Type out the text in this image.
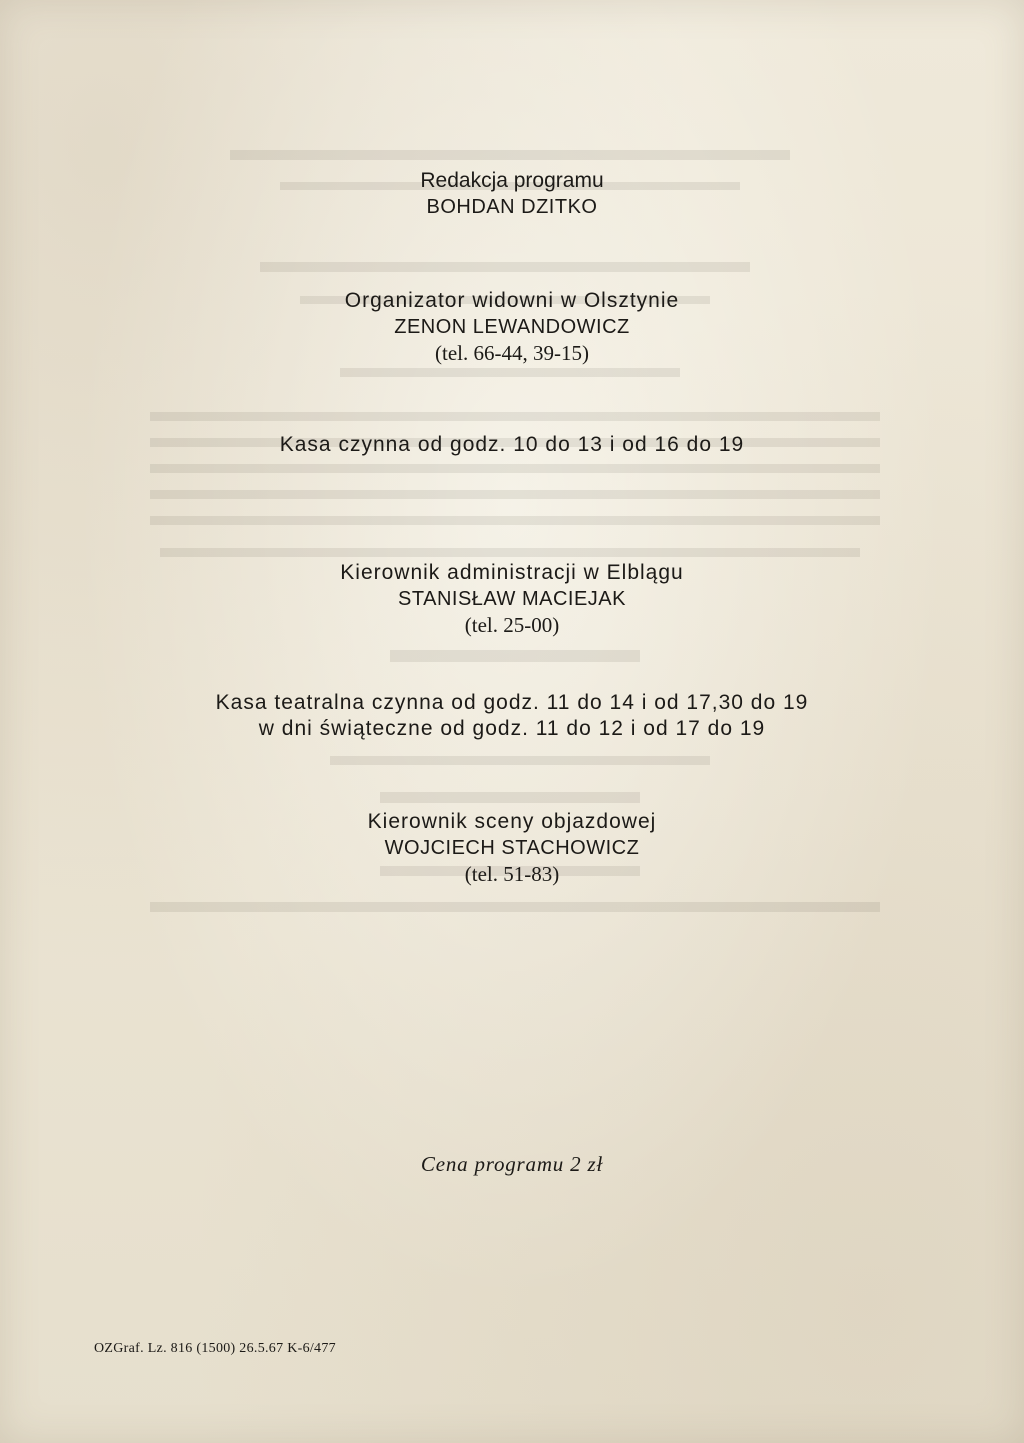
Redakcja programu
BOHDAN DZITKO
Organizator widowni w Olsztynie
ZENON LEWANDOWICZ
(tel. 66-44, 39-15)
Kasa czynna od godz. 10 do 13 i od 16 do 19
Kierownik administracji w Elblągu
STANISŁAW MACIEJAK
(tel. 25-00)
Kasa teatralna czynna od godz. 11 do 14 i od 17,30 do 19
w dni świąteczne od godz. 11 do 12 i od 17 do 19
Kierownik sceny objazdowej
WOJCIECH STACHOWICZ
(tel. 51-83)
Cena programu 2 zł
OZGraf. Lz. 816 (1500) 26.5.67 K-6/477
